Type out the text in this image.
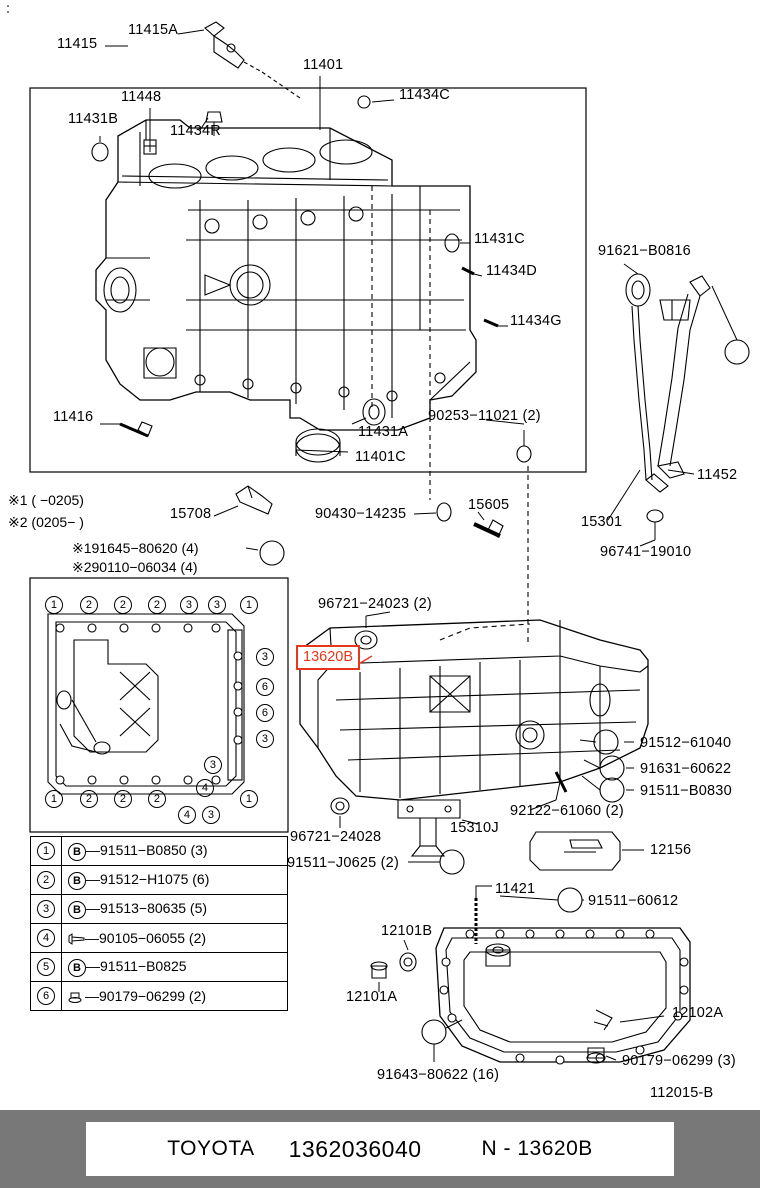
11415
11415A
11401
11434C
11448
11431B
11434R
11431C
11434D
11434G
91621−B0816
11416
11431A
11401C
90253−11021 (2)
11452
15301
96741−19010
15708	90430−14235
15605
96721−24023 (2)
91512−61040
91631−60622
91511−B0830
96721−24028
91511−J0625 (2)
15310J
92122−61060 (2)
12156
11421
91511−60612
12101B
12101A
12102A
90179−06299 (3)
91643−80622 (16)
※1 ( −0205)
※2 (0205− )
※191645−80620 (4)
※290110−06034 (4)
1	2	2	2	3	3	1
3
6
6
3
1	2	2	2
4
3
1
4	3
1	B —91511−B0850 (3)
2	B —91512−H1075 (6)
3	B —91513−80635 (5)
4	—90105−06055 (2)
5	B —91511−B0825
6	—90179−06299 (2)
13620B
112015-B
TOYOTA 1362036040	N - 13620B
